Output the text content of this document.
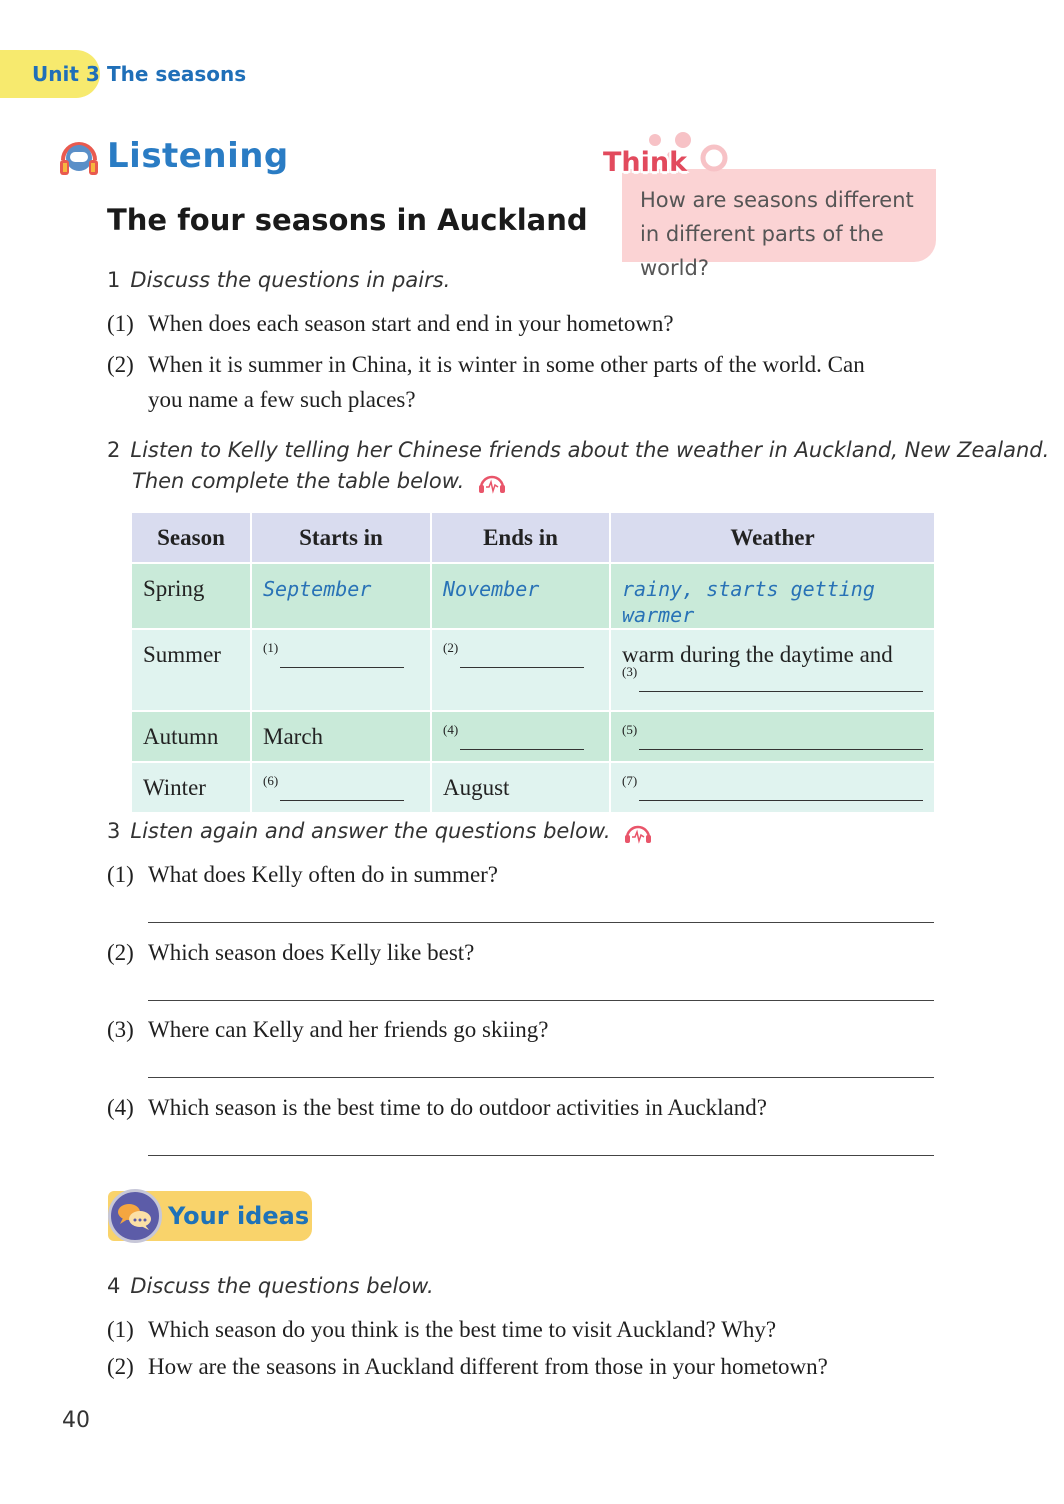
Unit 3 The seasons
Listening
The four seasons in Auckland
Think
How are seasons different in different parts of the world?
1 Discuss the questions in pairs.
(1) When does each season start and end in your hometown?
(2) When it is summer in China, it is winter in some other parts of the world. Can
you name a few such places?
2 Listen to Kelly telling her Chinese friends about the weather in Auckland, New Zealand.
Then complete the table below.
Season	Starts in	Ends in	Weather
Spring	September	November	rainy, starts getting warmer
Summer	$^{(1)}$	$^{(2)}$	warm during the daytime and
$^{(3)}$

Autumn	March	$^{(4)}$	$^{(5)}$
Winter	$^{(6)}$	August	$^{(7)}$
3 Listen again and answer the questions below.
(1) What does Kelly often do in summer?
(2) Which season does Kelly like best?
(3) Where can Kelly and her friends go skiing?
(4) Which season is the best time to do outdoor activities in Auckland?
Your ideas
4 Discuss the questions below.
(1) Which season do you think is the best time to visit Auckland? Why?
(2) How are the seasons in Auckland different from those in your hometown?
40
